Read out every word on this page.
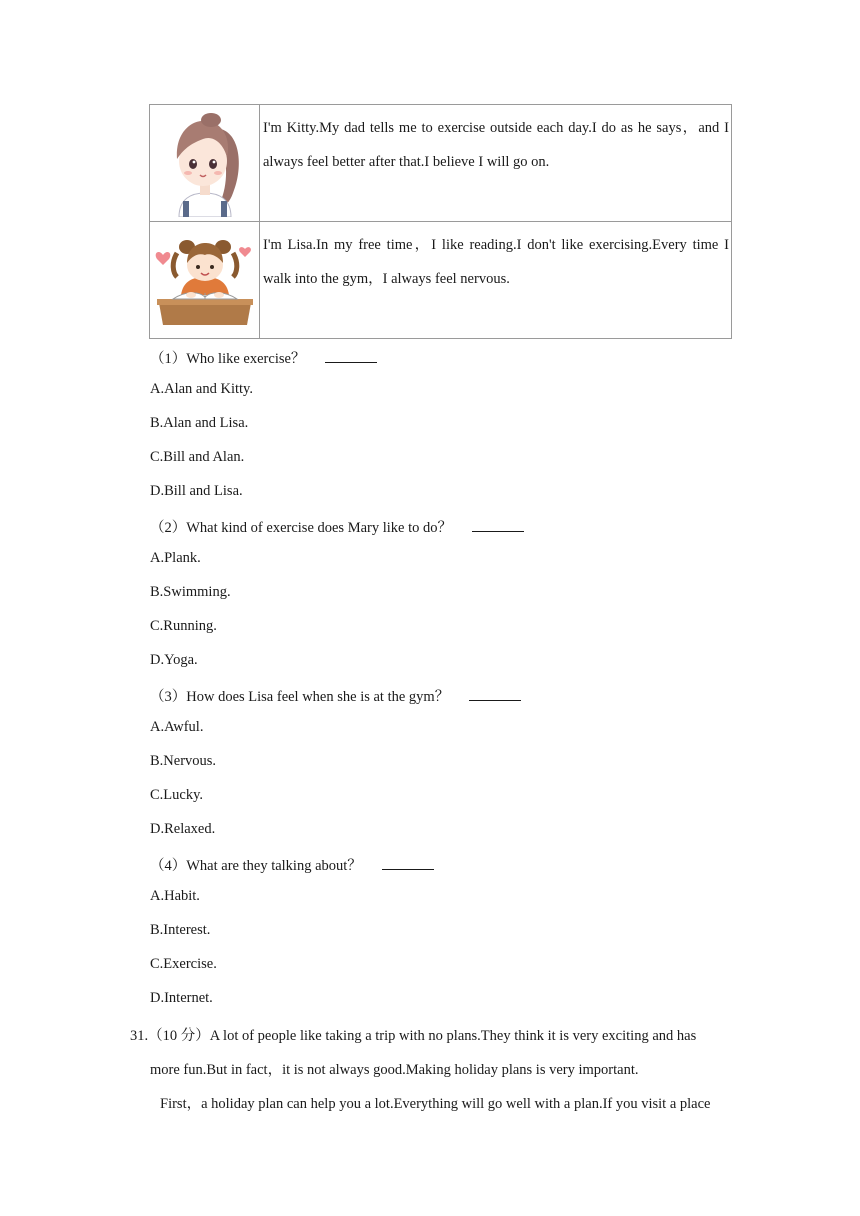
	I'm Kitty.My dad tells me to exercise outside each day.I do as he says，and I always feel better after that.I believe I will go on.

	I'm Lisa.In my free time，I like reading.I don't like exercising.Every time I walk into the gym，I always feel nervous.
（1）Who like exercise？
A.Alan and Kitty.
B.Alan and Lisa.
C.Bill and Alan.
D.Bill and Lisa.
（2）What kind of exercise does Mary like to do？
A.Plank.
B.Swimming.
C.Running.
D.Yoga.
（3）How does Lisa feel when she is at the gym？
A.Awful.
B.Nervous.
C.Lucky.
D.Relaxed.
（4）What are they talking about？
A.Habit.
B.Interest.
C.Exercise.
D.Internet.
31.（10 分）A lot of people like taking a trip with no plans.They think it is very exciting and has
more fun.But in fact，it is not always good.Making holiday plans is very important.
First，a holiday plan can help you a lot.Everything will go well with a plan.If you visit a place
